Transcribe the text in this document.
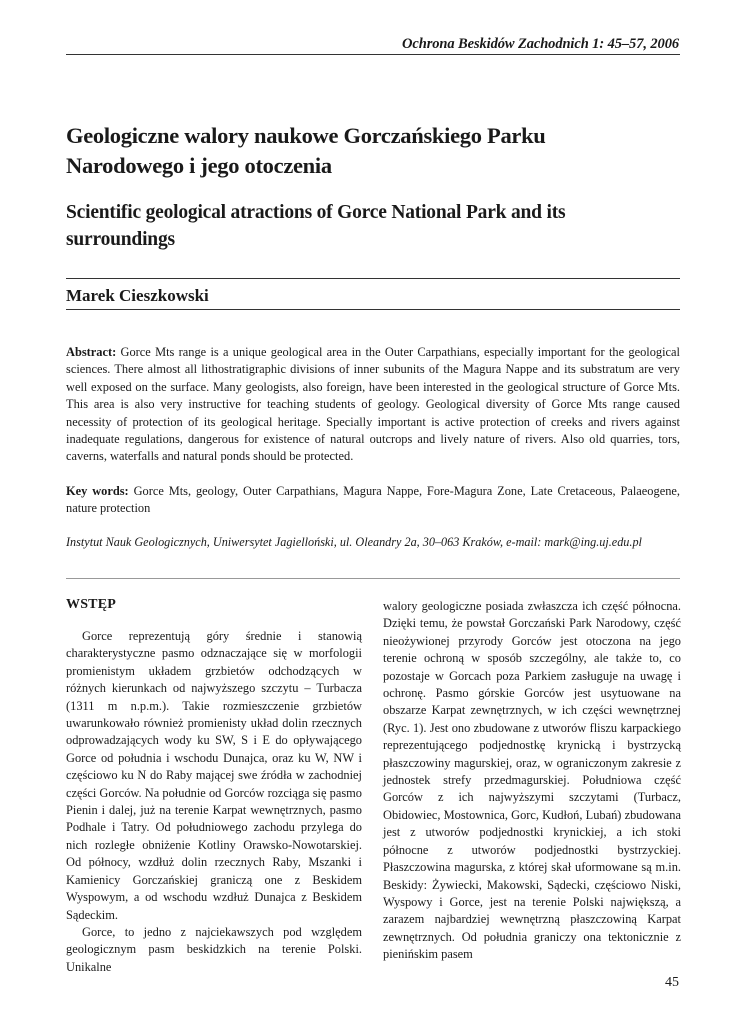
Ochrona Beskidów Zachodnich 1: 45–57, 2006
Geologiczne walory naukowe Gorczańskiego Parku Narodowego i jego otoczenia
Scientific geological atractions of Gorce National Park and its surroundings
Marek Cieszkowski
Abstract: Gorce Mts range is a unique geological area in the Outer Carpathians, especially important for the geological sciences. There almost all lithostratigraphic divisions of inner subunits of the Magura Nappe and its substratum are very well exposed on the surface. Many geologists, also foreign, have been interested in the geological structure of Gorce Mts. This area is also very instructive for teaching students of geology. Geological diversity of Gorce Mts range caused necessity of protection of its geological heritage. Specially important is active protection of creeks and rivers against inadequate regulations, dangerous for existence of natural outcrops and lively nature of rivers. Also old quarries, tors, caverns, waterfalls and natural ponds should be protected.
Key words: Gorce Mts, geology, Outer Carpathians, Magura Nappe, Fore-Magura Zone, Late Cretaceous, Palaeogene, nature protection
Instytut Nauk Geologicznych, Uniwersytet Jagielloński, ul. Oleandry 2a, 30–063 Kraków, e-mail: mark@ing.uj.edu.pl
WSTĘP

Gorce reprezentują góry średnie i stanowią charakterystyczne pasmo odznaczające się w morfologii promienistym układem grzbietów odchodzących w różnych kierunkach od najwyższego szczytu – Turbacza (1311 m n.p.m.). Takie rozmieszczenie grzbietów uwarunkowało również promienisty układ dolin rzecznych odprowadzających wody ku SW, S i E do opływającego Gorce od południa i wschodu Dunajca, oraz ku W, NW i częściowo ku N do Raby mającej swe źródła w zachodniej części Gorców. Na południe od Gorców rozciąga się pasmo Pienin i dalej, już na terenie Karpat wewnętrznych, pasmo Podhale i Tatry. Od południowego zachodu przylega do nich rozległe obniżenie Kotliny Orawsko-Nowotarskiej. Od północy, wzdłuż dolin rzecznych Raby, Mszanki i Kamienicy Gorczańskiej graniczą one z Beskidem Wyspowym, a od wschodu wzdłuż Dunajca z Beskidem Sądeckim.

Gorce, to jedno z najciekawszych pod względem geologicznym pasm beskidzkich na terenie Polski. Unikalne

walory geologiczne posiada zwłaszcza ich część północna. Dzięki temu, że powstał Gorczański Park Narodowy, część nieożywionej przyrody Gorców jest otoczona na jego terenie ochroną w sposób szczególny, ale także to, co pozostaje w Gorcach poza Parkiem zasługuje na uwagę i ochronę. Pasmo górskie Gorców jest usytuowane na obszarze Karpat zewnętrznych, w ich części wewnętrznej (Ryc. 1). Jest ono zbudowane z utworów fliszu karpackiego reprezentującego podjednostkę krynicką i bystrzycką płaszczowiny magurskiej, oraz, w ograniczonym zakresie z jednostek strefy przedmagurskiej. Południowa część Gorców z ich najwyższymi szczytami (Turbacz, Obidowiec, Mostownica, Gorc, Kudłoń, Lubań) zbudowana jest z utworów podjednostki krynickiej, a ich stoki północne z utworów podjednostki bystrzyckiej. Płaszczowina magurska, z której skał uformowane są m.in. Beskidy: Żywiecki, Makowski, Sądecki, częściowo Niski, Wyspowy i Gorce, jest na terenie Polski największą, a zarazem najbardziej wewnętrzną płaszczowiną Karpat zewnętrznych. Od południa graniczy ona tektonicznie z pienińskim pasem

45
